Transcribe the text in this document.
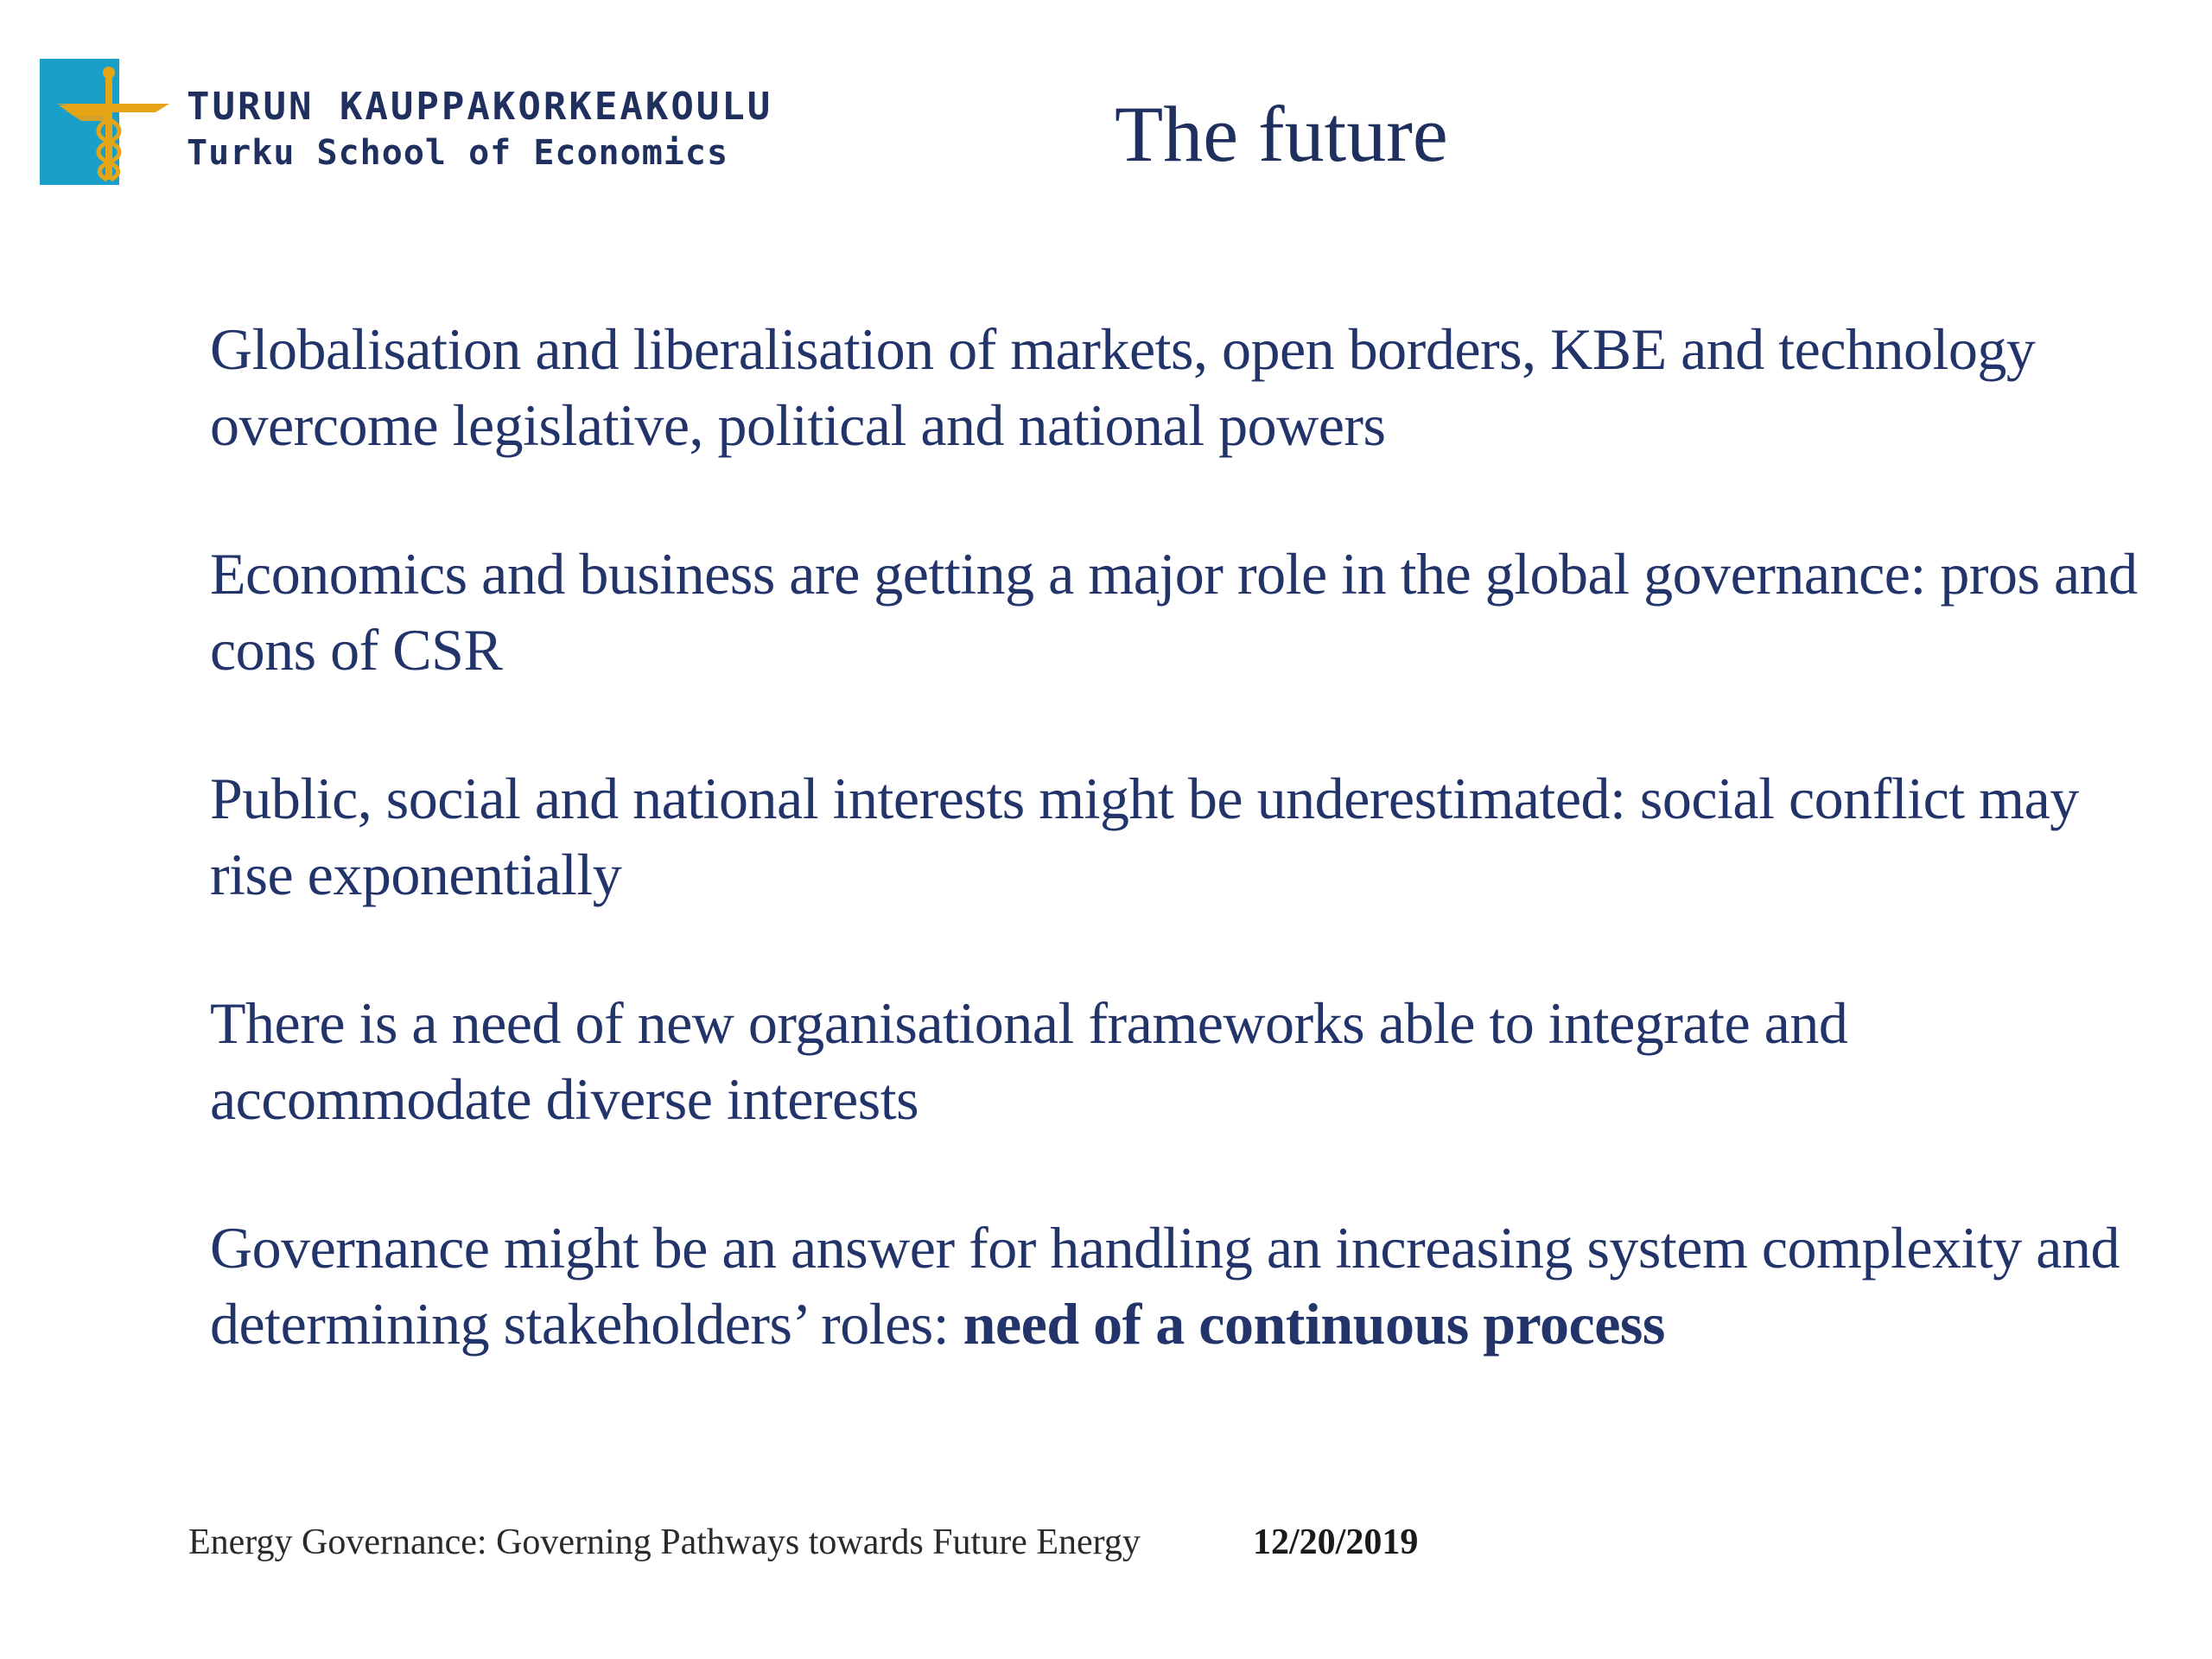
TURUN KAUPPAKORKEAKOULU
Turku School of Economics	The future
Globalisation and liberalisation of markets, open borders, KBE and technology overcome legislative, political and national powers
Economics and business are getting a major role in the global governance: pros and cons of CSR
Public, social and national interests might be underestimated: social conflict may rise exponentially
There is a need of new organisational frameworks able to integrate and accommodate diverse interests
Governance might be an answer for handling an increasing system complexity and determining stakeholders’ roles: need of a continuous process
Energy Governance: Governing Pathways towards Future Energy	12/20/2019
